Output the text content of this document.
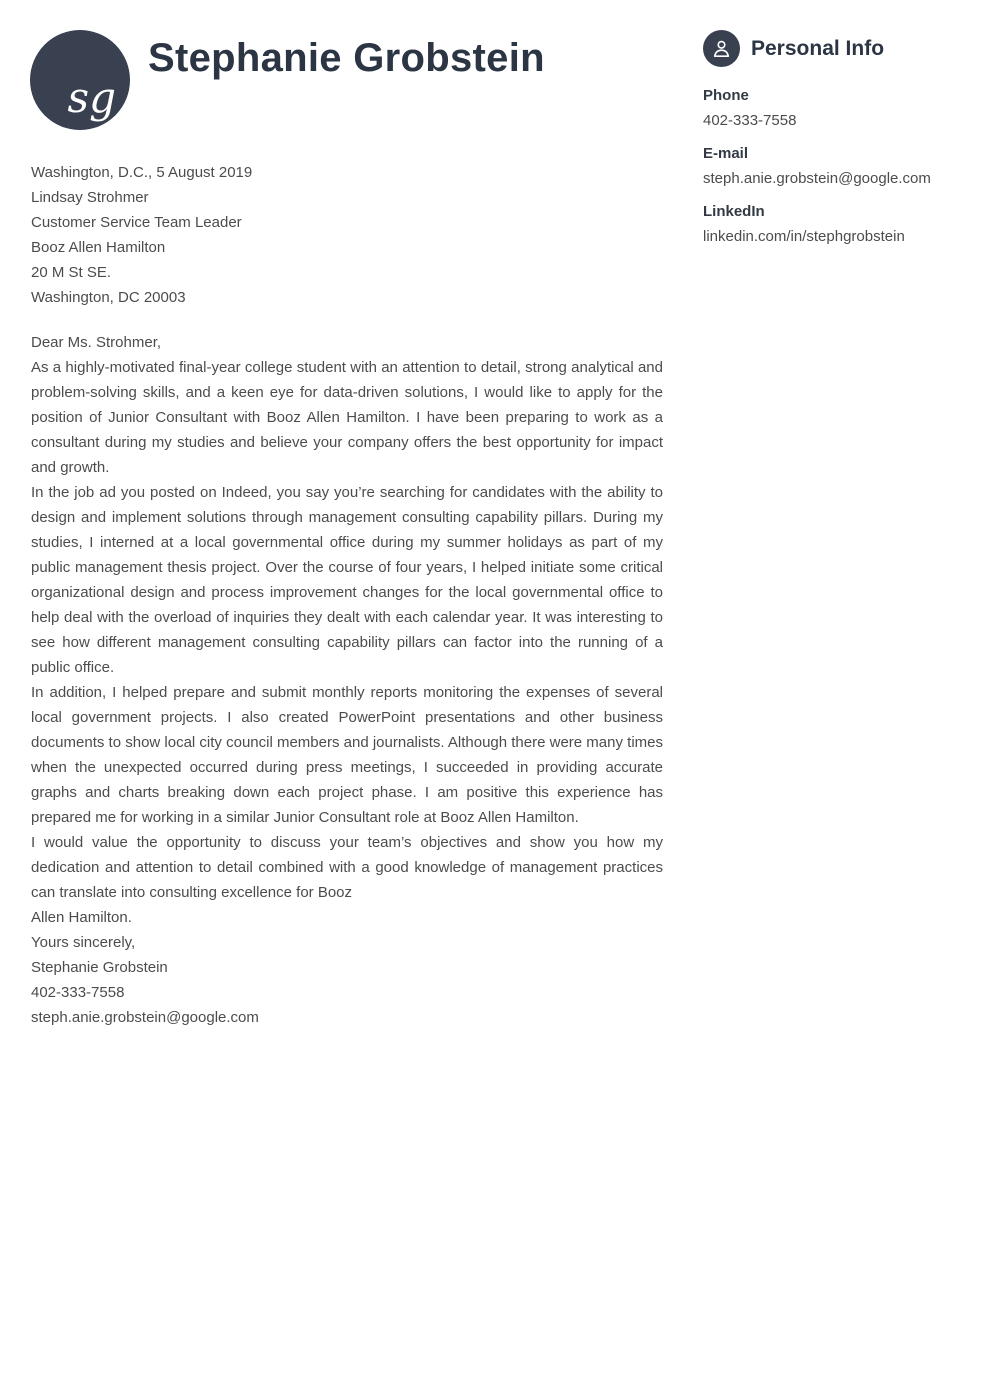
sg
Stephanie Grobstein	Personal Info
Phone
402-333-7558
E-mail
steph.anie.grobstein@google.com
LinkedIn
linkedin.com/in/stephgrobstein

Washington, D.C., 5 August 2019

Lindsay Strohmer
Customer Service Team Leader
Booz Allen Hamilton
20 M St SE.
Washington, DC 20003

Dear Ms. Strohmer,

As a highly-motivated final-year college student with an attention to detail, strong analytical and problem-solving skills, and a keen eye for data-driven solutions, I would like to apply for the position of Junior Consultant with Booz Allen Hamilton. I have been preparing to work as a consultant during my studies and believe your company offers the best opportunity for impact and growth.

In the job ad you posted on Indeed, you say you’re searching for candidates with the ability to design and implement solutions through management consulting capability pillars. During my studies, I interned at a local governmental office during my summer holidays as part of my public management thesis project. Over the course of four years, I helped initiate some critical organizational design and process improvement changes for the local governmental office to help deal with the overload of inquiries they dealt with each calendar year. It was interesting to see how different management consulting capability pillars can factor into the running of a public office.

In addition, I helped prepare and submit monthly reports monitoring the expenses of several local government projects. I also created PowerPoint presentations and other business documents to show local city council members and journalists. Although there were many times when the unexpected occurred during press meetings, I succeeded in providing accurate graphs and charts breaking down each project phase. I am positive this experience has prepared me for working in a similar Junior Consultant role at Booz Allen Hamilton.

I would value the opportunity to discuss your team’s objectives and show you how my dedication and attention to detail combined with a good knowledge of management practices can translate into consulting excellence for Booz
Allen Hamilton.

Yours sincerely,

Stephanie Grobstein

402-333-7558

steph.anie.grobstein@google.com
